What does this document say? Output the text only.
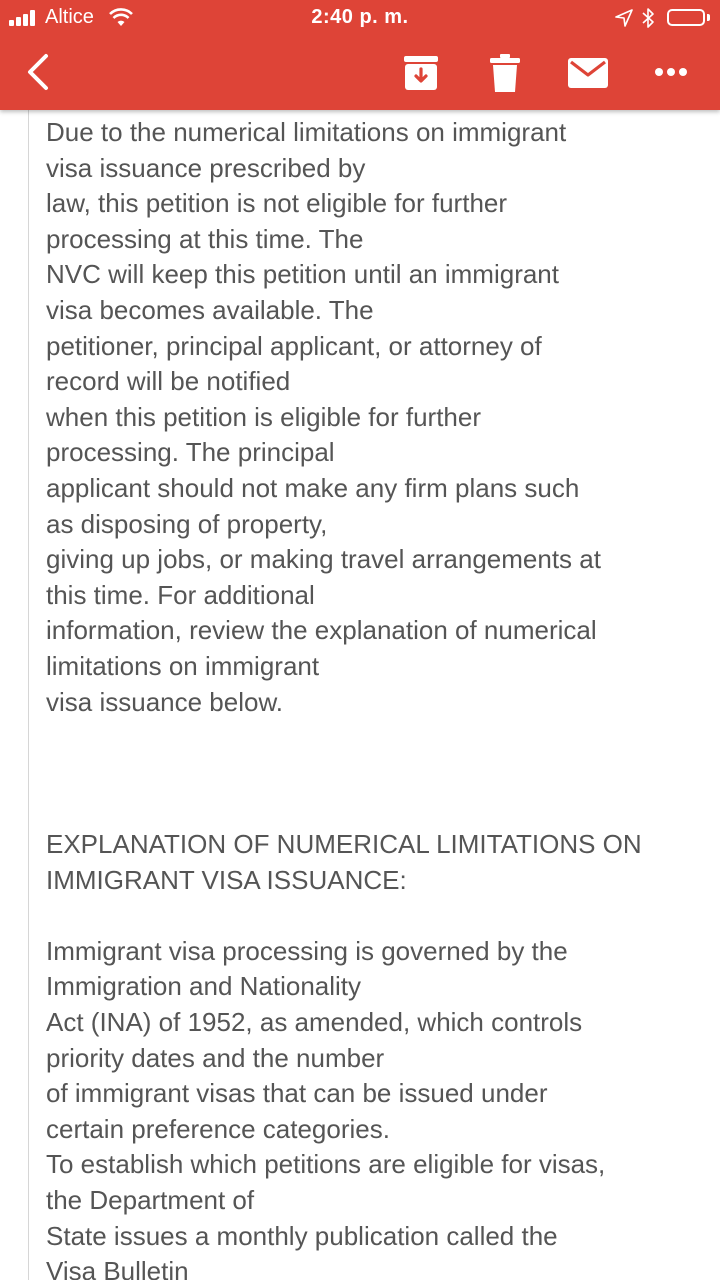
Altice	2:40 p. m.
Due to the numerical limitations on immigrant
visa issuance prescribed by
law, this petition is not eligible for further
processing at this time. The
NVC will keep this petition until an immigrant
visa becomes available. The
petitioner, principal applicant, or attorney of
record will be notified
when this petition is eligible for further
processing. The principal
applicant should not make any firm plans such
as disposing of property,
giving up jobs, or making travel arrangements at
this time. For additional
information, review the explanation of numerical
limitations on immigrant
visa issuance below.
EXPLANATION OF NUMERICAL LIMITATIONS ON
IMMIGRANT VISA ISSUANCE:
Immigrant visa processing is governed by the
Immigration and Nationality
Act (INA) of 1952, as amended, which controls
priority dates and the number
of immigrant visas that can be issued under
certain preference categories.
To establish which petitions are eligible for visas,
the Department of
State issues a monthly publication called the
Visa Bulletin
